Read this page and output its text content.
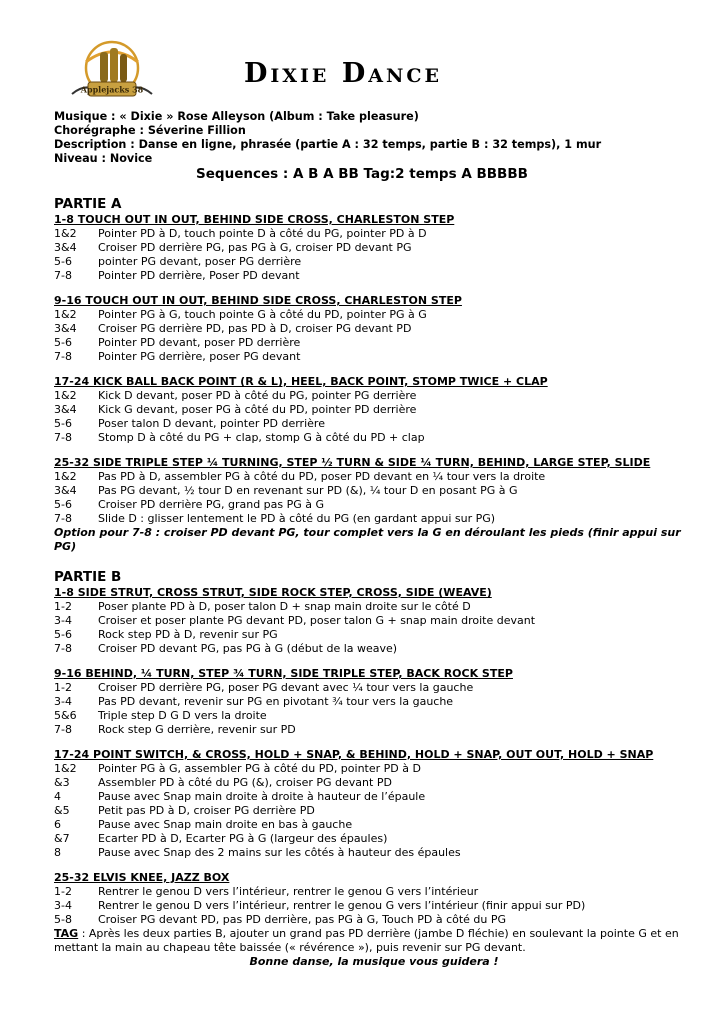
Applejacks 38
Dixie Dance
Musique : « Dixie » Rose Alleyson (Album : Take pleasure)
Chorégraphe : Séverine Fillion
Description : Danse en ligne, phrasée (partie A : 32 temps, partie B : 32 temps), 1 mur
Niveau : Novice
Sequences : A B A BB Tag:2 temps A BBBBB
PARTIE A
1-8 TOUCH OUT IN OUT, BEHIND SIDE CROSS, CHARLESTON STEP
1&2	Pointer PD à D, touch pointe D à côté du PG, pointer PD à D
3&4	Croiser PD derrière PG, pas PG à G, croiser PD devant PG
5-6	pointer PG devant, poser PG derrière
7-8	Pointer PD derrière, Poser PD devant
9-16 TOUCH OUT IN OUT, BEHIND SIDE CROSS, CHARLESTON STEP
1&2	Pointer PG à G, touch pointe G à côté du PD, pointer PG à G
3&4	Croiser PG derrière PD, pas PD à D, croiser PG devant PD
5-6	Pointer PD devant, poser PD derrière
7-8	Pointer PG derrière, poser PG devant
17-24 KICK BALL BACK POINT (R & L), HEEL, BACK POINT, STOMP TWICE + CLAP
1&2	Kick D devant, poser PD à côté du PG, pointer PG derrière
3&4	Kick G devant, poser PG à côté du PD, pointer PD derrière
5-6	Poser talon D devant, pointer PD derrière
7-8	Stomp D à côté du PG + clap, stomp G à côté du PD + clap
25-32 SIDE TRIPLE STEP ¼ TURNING, STEP ½ TURN & SIDE ¼ TURN, BEHIND, LARGE STEP, SLIDE
1&2	Pas PD à D, assembler PG à côté du PD, poser PD devant en ¼ tour vers la droite
3&4	Pas PG devant, ½ tour D en revenant sur PD (&), ¼ tour D en posant PG à G
5-6	Croiser PD derrière PG, grand pas PG à G
7-8	Slide D : glisser lentement le PD à côté du PG (en gardant appui sur PG)
Option pour 7-8 : croiser PD devant PG, tour complet vers la G en déroulant les pieds (finir appui sur PG)
PARTIE B
1-8 SIDE STRUT, CROSS STRUT, SIDE ROCK STEP, CROSS, SIDE (WEAVE)
1-2	Poser plante PD à D, poser talon D + snap main droite sur le côté D
3-4	Croiser et poser plante PG devant PD, poser talon G + snap main droite devant
5-6	Rock step PD à D, revenir sur PG
7-8	Croiser PD devant PG, pas PG à G (début de la weave)
9-16 BEHIND, ¼ TURN, STEP ¾ TURN, SIDE TRIPLE STEP, BACK ROCK STEP
1-2	Croiser PD derrière PG, poser PG devant avec ¼ tour vers la gauche
3-4	Pas PD devant, revenir sur PG en pivotant ¾ tour vers la gauche
5&6	Triple step D G D vers la droite
7-8	Rock step G derrière, revenir sur PD
17-24 POINT SWITCH, & CROSS, HOLD + SNAP, & BEHIND, HOLD + SNAP, OUT OUT, HOLD + SNAP
1&2	Pointer PG à G, assembler PG à côté du PD, pointer PD à D
&3	Assembler PD à côté du PG (&), croiser PG devant PD
4	Pause avec Snap main droite à droite à hauteur de l’épaule
&5	Petit pas PD à D, croiser PG derrière PD
6	Pause avec Snap main droite en bas à gauche
&7	Ecarter PD à D, Ecarter PG à G (largeur des épaules)
8	Pause avec Snap des 2 mains sur les côtés à hauteur des épaules
25-32 ELVIS KNEE, JAZZ BOX
1-2	Rentrer le genou D vers l’intérieur, rentrer le genou G vers l’intérieur
3-4	Rentrer le genou D vers l’intérieur, rentrer le genou G vers l’intérieur (finir appui sur PD)
5-8	Croiser PG devant PD, pas PD derrière, pas PG à G, Touch PD à côté du PG
TAG : Après les deux parties B, ajouter un grand pas PD derrière (jambe D fléchie) en soulevant la pointe G et en mettant la main au chapeau tête baissée (« révérence »), puis revenir sur PG devant.
Bonne danse, la musique vous guidera !
